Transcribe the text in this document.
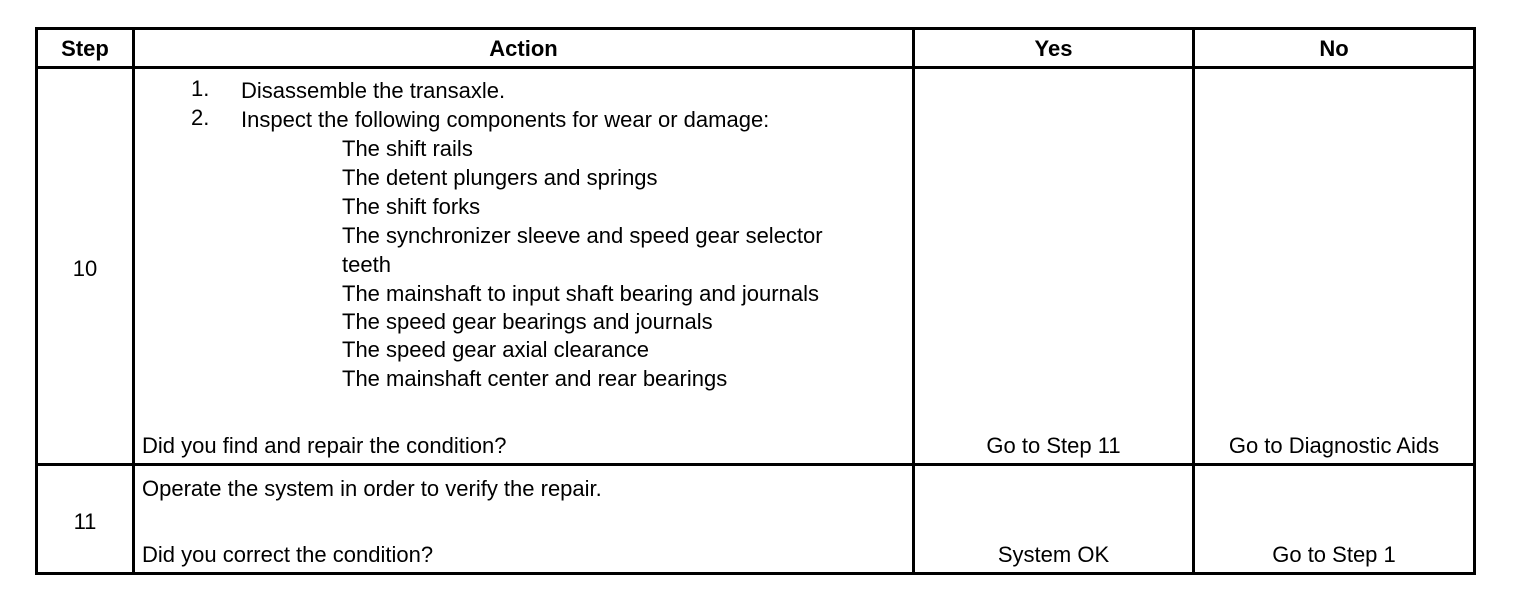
Step	Action	Yes	No
10
1.	Disassemble the transaxle.
2.	Inspect the following components for wear or damage:
The shift rails
The detent plungers and springs
The shift forks
The synchronizer sleeve and speed gear selector
teeth
The mainshaft to input shaft bearing and journals
The speed gear bearings and journals
The speed gear axial clearance
The mainshaft center and rear bearings
Did you find and repair the condition?	Go to Step 11	Go to Diagnostic Aids
11
Operate the system in order to verify the repair.
Did you correct the condition?	System OK	Go to Step 1
